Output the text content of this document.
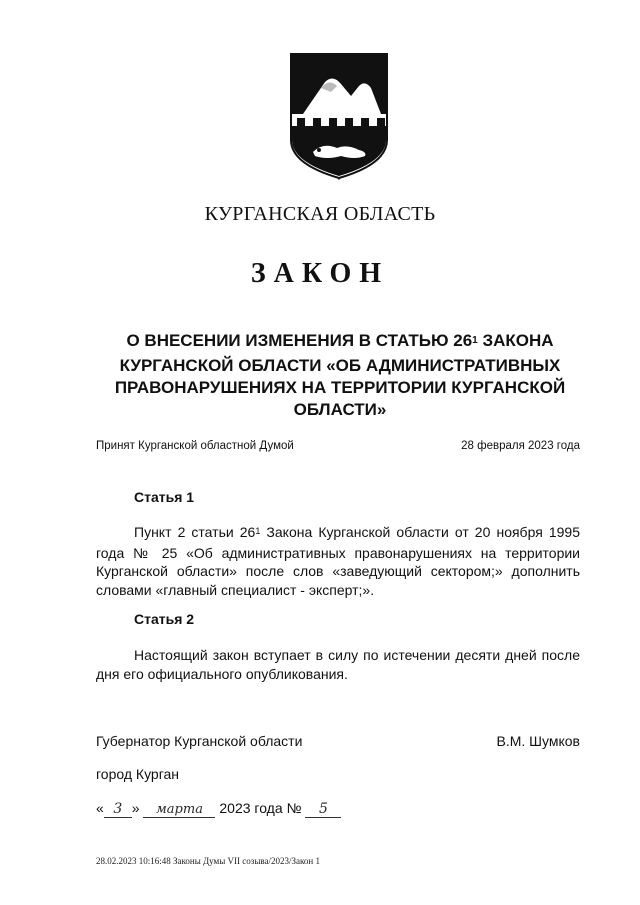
КУРГАНСКАЯ ОБЛАСТЬ
ЗАКОН
О ВНЕСЕНИИ ИЗМЕНЕНИЯ В СТАТЬЮ $26^1$ ЗАКОНА КУРГАНСКОЙ ОБЛАСТИ «ОБ АДМИНИСТРАТИВНЫХ ПРАВОНАРУШЕНИЯХ НА ТЕРРИТОРИИ КУРГАНСКОЙ ОБЛАСТИ»
Принят Курганской областной Думой	28 февраля 2023 года
Статья 1
Пункт 2 статьи $26^1$ Закона Курганской области от 20 ноября 1995 года № 25 «Об административных правонарушениях на территории Курганской области» после слов «заведующий сектором;» дополнить словами «главный специалист - эксперт;».
Статья 2
Настоящий закон вступает в силу по истечении десяти дней после дня его официального опубликования.
Губернатор Курганской области	В.М. Шумков
город Курган
« 3 » марта 2023 года № 5
28.02.2023 10:16:48 Законы Думы VII созыва/2023/Закон 1
